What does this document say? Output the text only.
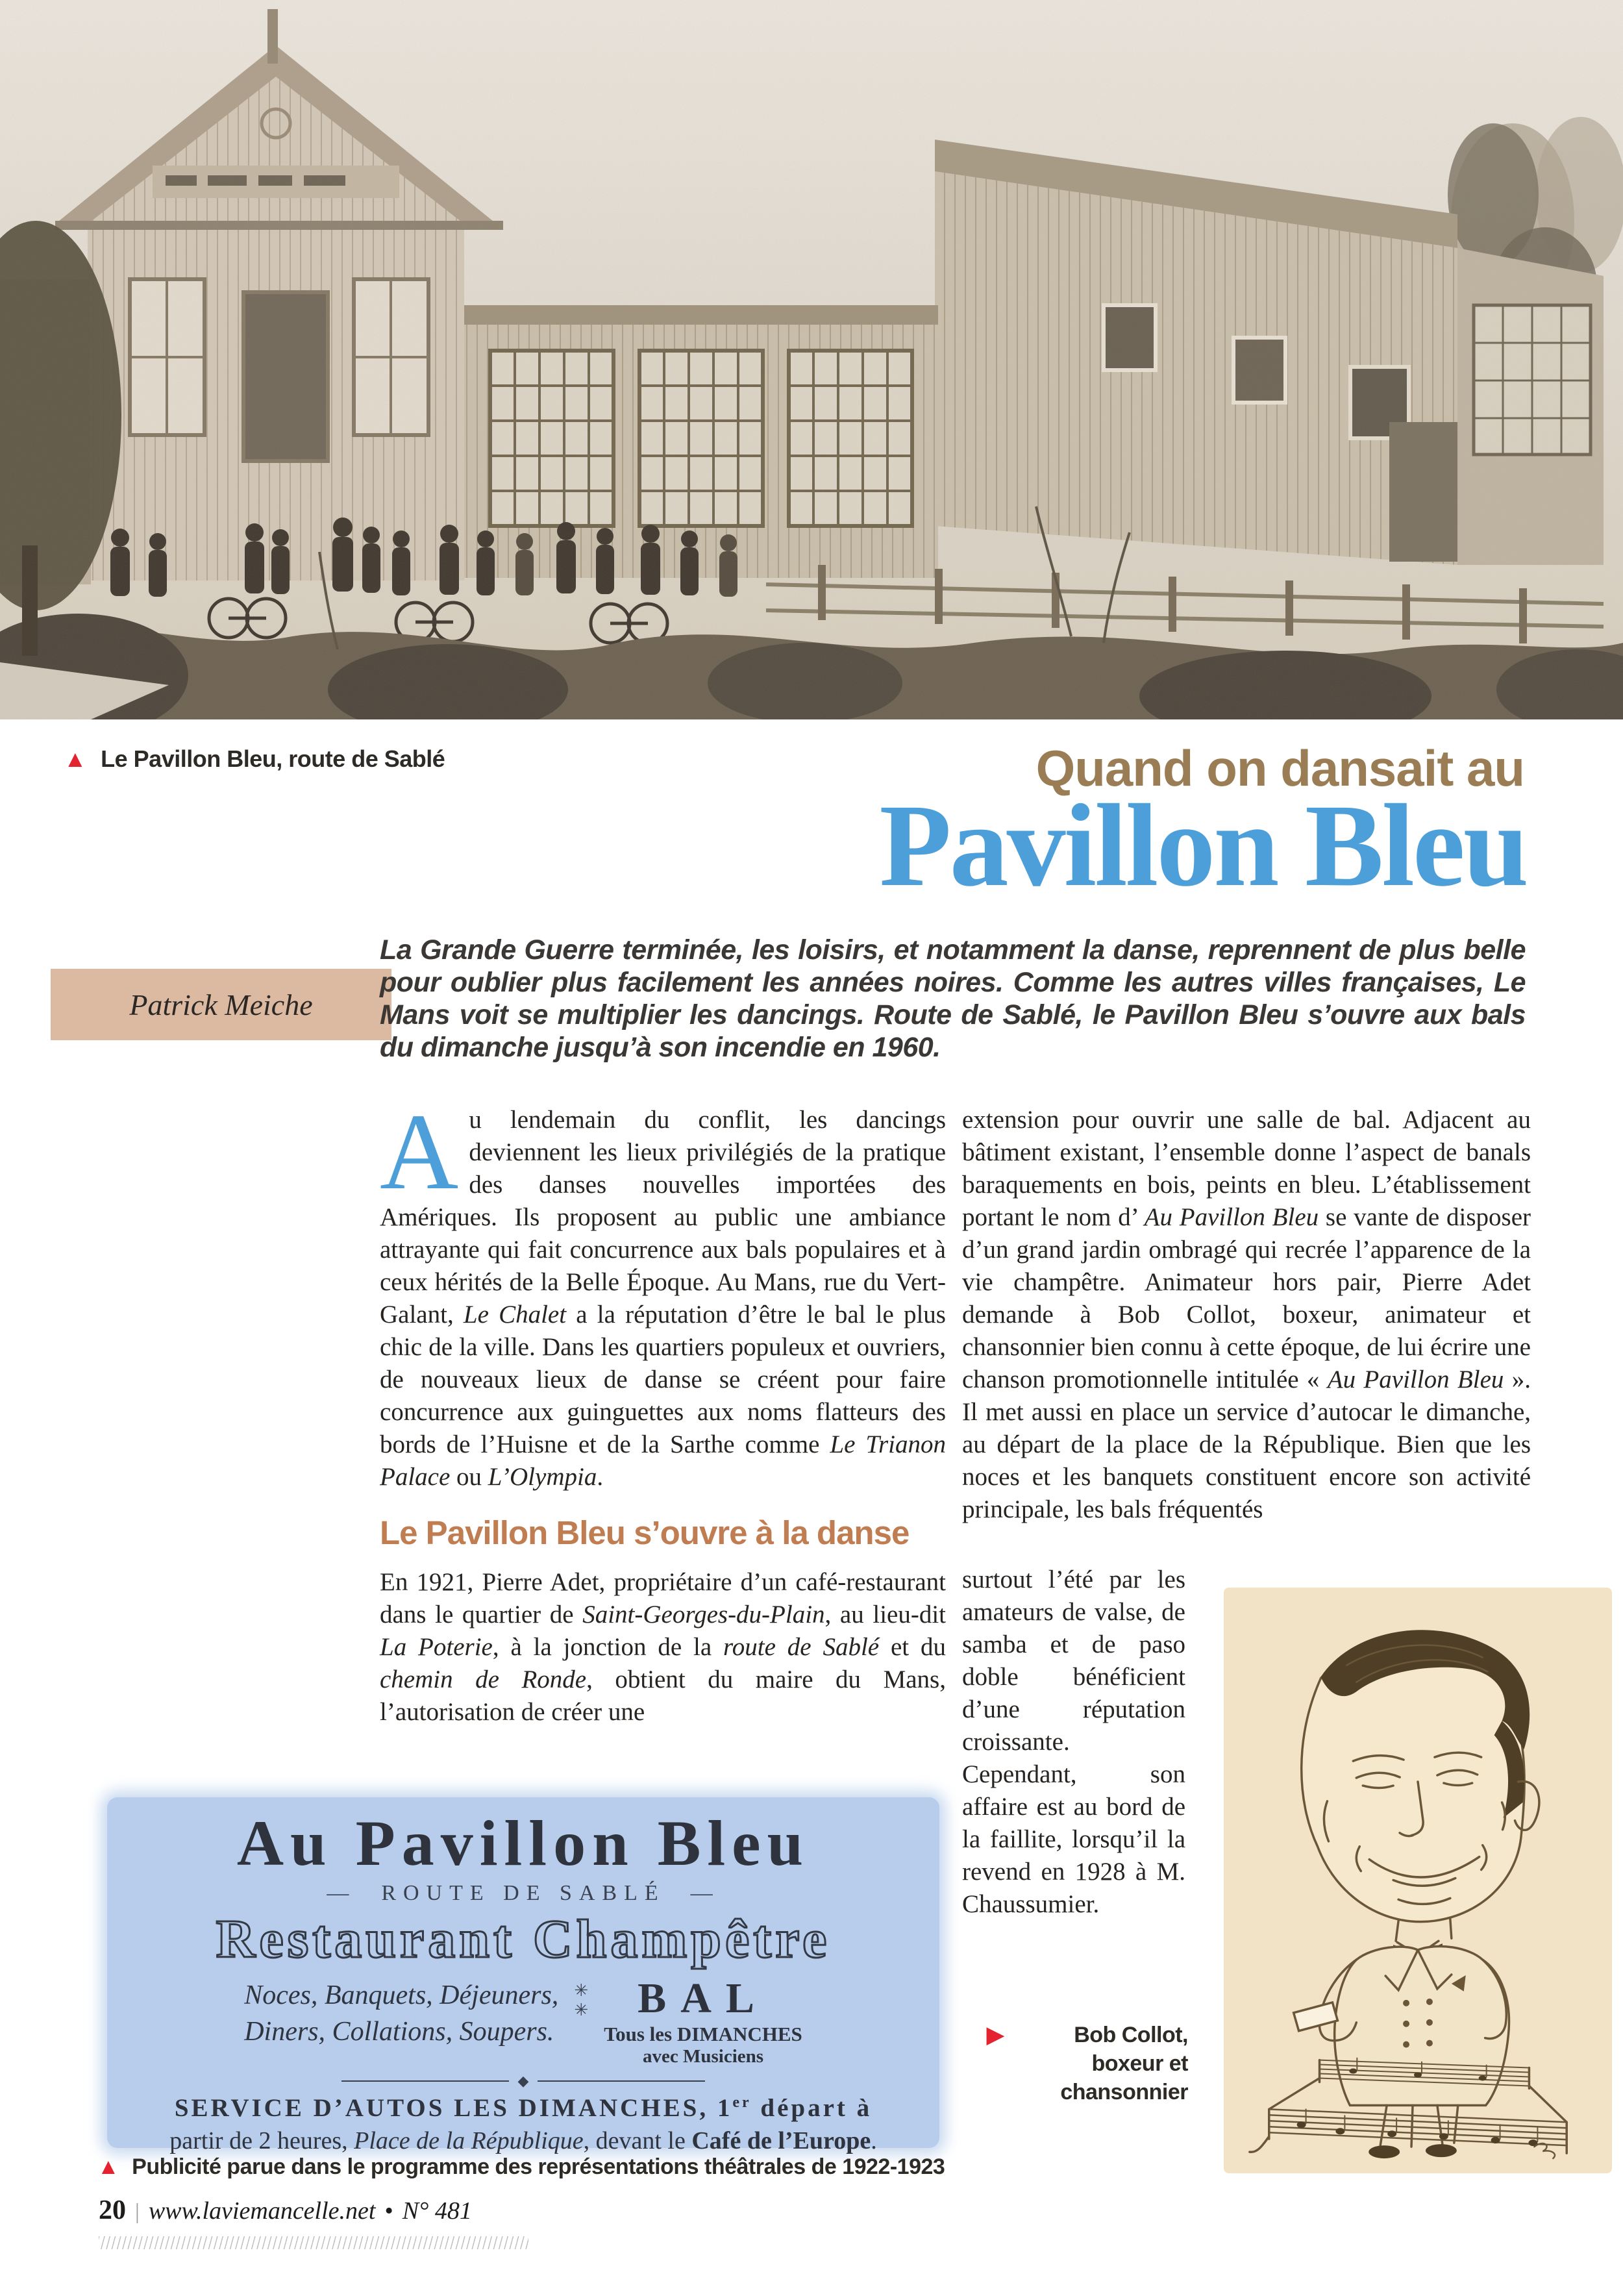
▲ Le Pavillon Bleu, route de Sablé	Quand on dansait au
Pavillon Bleu
Patrick Meiche
La Grande Guerre terminée, les loisirs, et notamment la danse, reprennent de plus belle pour oublier plus facilement les années noires. Comme les autres villes françaises, Le Mans voit se multiplier les dancings. Route de Sablé, le Pavillon Bleu s’ouvre aux bals du dimanche jusqu’à son incendie en 1960.

Au lendemain du conflit, les dancings deviennent les lieux privilégiés de la pratique des danses nouvelles importées des Amériques. Ils proposent au public une ambiance attrayante qui fait concurrence aux bals populaires et à ceux hérités de la Belle Époque. Au Mans, rue du Vert-Galant, Le Chalet a la réputation d’être le bal le plus chic de la ville. Dans les quartiers populeux et ouvriers, de nouveaux lieux de danse se créent pour faire concurrence aux guinguettes aux noms flatteurs des bords de l’Huisne et de la Sarthe comme Le Trianon Palace ou L’Olympia.

Le Pavillon Bleu s’ouvre à la danse

En 1921, Pierre Adet, propriétaire d’un café-restaurant dans le quartier de Saint-Georges-du-Plain, au lieu-dit La Poterie, à la jonction de la route de Sablé et du chemin de Ronde, obtient du maire du Mans, l’autorisation de créer une

extension pour ouvrir une salle de bal. Adjacent au bâtiment existant, l’ensemble donne l’aspect de banals baraquements en bois, peints en bleu. L’établissement portant le nom d’ Au Pavillon Bleu se vante de disposer d’un grand jardin ombragé qui recrée l’apparence de la vie champêtre. Animateur hors pair, Pierre Adet demande à Bob Collot, boxeur, animateur et chansonnier bien connu à cette époque, de lui écrire une chanson promotionnelle intitulée « Au Pavillon Bleu ». Il met aussi en place un service d’autocar le dimanche, au départ de la place de la République. Bien que les noces et les banquets constituent encore son activité principale, les bals fréquentés

surtout l’été par les amateurs de valse, de samba et de paso doble bénéficient d’une réputation croissante. Cependant, son affaire est au bord de la faillite, lorsqu’il la revend en 1928 à M. Chaussumier.

Au Pavillon Bleu
— ROUTE DE SABLÉ —
Restaurant Champêtre
Noces, Banquets, Déjeuners,
Diners, Collations, Soupers.
✳ ✳	BAL
Tous les DIMANCHES
avec Musiciens
◆
SERVICE D’AUTOS LES DIMANCHES, 1er départ à
partir de 2 heures, Place de la République, devant le Café de l’Europe.
▶	Bob Collot, boxeur et chansonnier
▲ Publicité parue dans le programme des représentations théâtrales de 1922-1923
20 | www.laviemancelle.net • N° 481
